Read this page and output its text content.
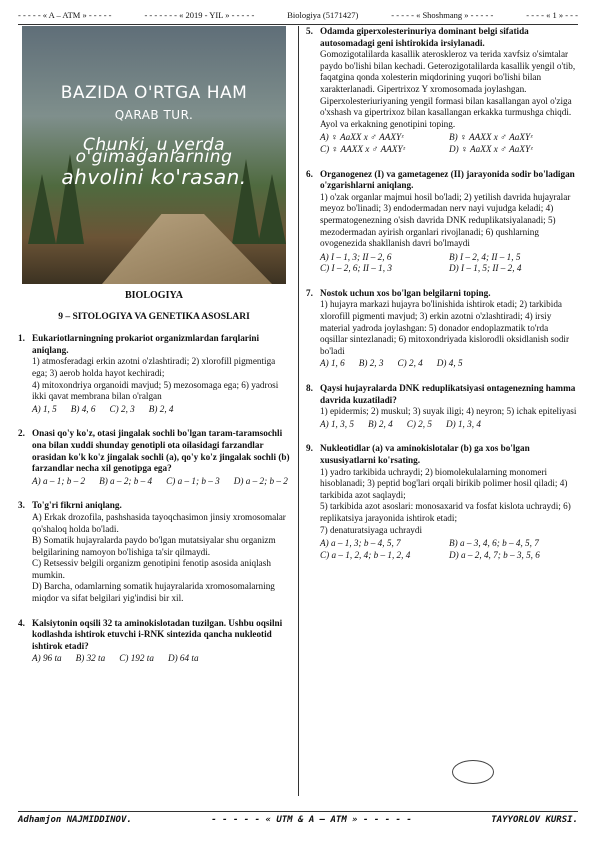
- - - - - « A – ATM » - - - - -	- - - - - - - « 2019 - YIL » - - - - -	Biologiya (5171427)	- - - - - « Shoshmang » - - - - -	- - - - « 1 » - - -
BAZIDA O'RTGA HAM
QARAB TUR.
Chunki, u yerda o'gimaganlarning
ahvolini ko'rasan.
BIOLOGIYA
9 – SITOLOGIYA VA GENETIKA ASOSLARI
1. Eukariotlarningning prokariot organizmlardan farqlarini aniqlang.
1) atmosferadagi erkin azotni o'zlashtiradi; 2) xlorofill pigmentiga ega; 3) aerob holda hayot kechiradi;
4) mitoxondriya organoidi mavjud; 5) mezosomaga ega; 6) yadrosi ikki qavat membrana bilan o'ralgan
A) 1, 5 B) 4, 6 C) 2, 3 B) 2, 4
2. Onasi qo'y ko'z, otasi jingalak sochli bo'lgan taram-taramsochli ona bilan xuddi shunday genotipli ota oilasidagi farzandlar orasidan ko'k ko'z jingalak sochli (a), qo'y ko'z jingalak sochli (b) farzandlar necha xil genotipga ega?
A) a – 1; b – 2 B) a – 2; b – 4 C) a – 1; b – 3 D) a – 2; b – 2
3. To'g'ri fikrni aniqlang.
A) Erkak drozofila, pashshasida tayoqchasimon jinsiy xromosomalar qo'shaloq holda bo'ladi.
B) Somatik hujayralarda paydo bo'lgan mutatsiyalar shu organizm belgilarining namoyon bo'lishiga ta'sir qilmaydi.
C) Retsessiv belgili organizm genotipini fenotip asosida aniqlash mumkin.
D) Barcha, odamlarning somatik hujayralarida xromosomalarning miqdor va sifat belgilari yig'indisi bir xil.
4. Kalsiytonin oqsili 32 ta aminokislotadan tuzilgan. Ushbu oqsilni kodlashda ishtirok etuvchi i-RNK sintezida qancha nukleotid ishtirok etadi?
A) 96 ta B) 32 ta C) 192 ta D) 64 ta
5. Odamda giperxolesterinuriya dominant belgi sifatida autosomadagi geni ishtirokida irsiylanadi.
Gomozigotalilarda kasallik ateroskleroz va terida xavfsiz o'simtalar paydo bo'lishi bilan kechadi. Geterozigotalilarda kasallik yengil o'tib, faqatgina qonda xolesterin miqdorining yuqori bo'lishi bilan xarakterlanadi. Gipertrixoz Y xromosomada joylashgan. Giperxolesteriuriyaning yengil formasi bilan kasallangan ayol o'ziga o'xshash va gipertrixoz bilan kasallangan erkakka turmushga chiqdi. Ayol va erkakning genotipini toping.
A) ♀ AaXX x ♂ AAXYᶻ	B) ♀ AAXX x ♂ AaXYᶻ
C) ♀ AAXX x ♂ AAXYᶻ	D) ♀ AaXX x ♂ AaXYᶻ
6. Organogenez (I) va gametagenez (II) jarayonida sodir bo'ladigan o'zgarishlarni aniqlang.
1) o'zak organlar majmui hosil bo'ladi; 2) yetilish davrida hujayralar meyoz bo'linadi; 3) endodermadan nerv nayi vujudga keladi; 4) spermatogenezning o'sish davrida DNK reduplikatsiyalanadi; 5) mezodermadan ayirish organlari rivojlanadi; 6) qushlarning ovogenezida shakllanish davri bo'lmaydi
A) I – 1, 3; II – 2, 6	B) I – 2, 4; II – 1, 5
C) I – 2, 6; II – 1, 3	D) I – 1, 5; II – 2, 4
7. Nostok uchun xos bo'lgan belgilarni toping.
1) hujayra markazi hujayra bo'linishida ishtirok etadi; 2) tarkibida xlorofill pigmenti mavjud; 3) erkin azotni o'zlashtiradi; 4) irsiy material yadroda joylashgan: 5) donador endoplazmatik to'rda oqsillar sintezlanadi; 6) mitoxondriyada kislorodli oksidlanish sodir bo'ladi
A) 1, 6 B) 2, 3 C) 2, 4 D) 4, 5
8. Qaysi hujayralarda DNK reduplikatsiyasi ontagenezning hamma davrida kuzatiladi?
1) epidermis; 2) muskul; 3) suyak iligi; 4) neyron; 5) ichak epiteliyasi
A) 1, 3, 5 B) 2, 4 C) 2, 5 D) 1, 3, 4
9. Nukleotidlar (a) va aminokislotalar (b) ga xos bo'lgan xususiyatlarni ko'rsating.
1) yadro tarkibida uchraydi; 2) biomolekulalarning monomeri hisoblanadi; 3) peptid bog'lari orqali birikib polimer hosil qiladi; 4) tarkibida azot saqlaydi;
5) tarkibida azot asoslari: monosaxarid va fosfat kislota uchraydi; 6) replikatsiya jarayonida ishtirok etadi;
7) denaturatsiyaga uchraydi
A) a – 1, 3; b – 4, 5, 7	B) a – 3, 4, 6; b – 4, 5, 7
C) a – 1, 2, 4; b – 1, 2, 4	D) a – 2, 4, 7; b – 3, 5, 6
Adhamjon NAJMIDDINOV.	- - - - - « UTM & A – ATM » - - - - -	TAYYORLOV KURSI.
